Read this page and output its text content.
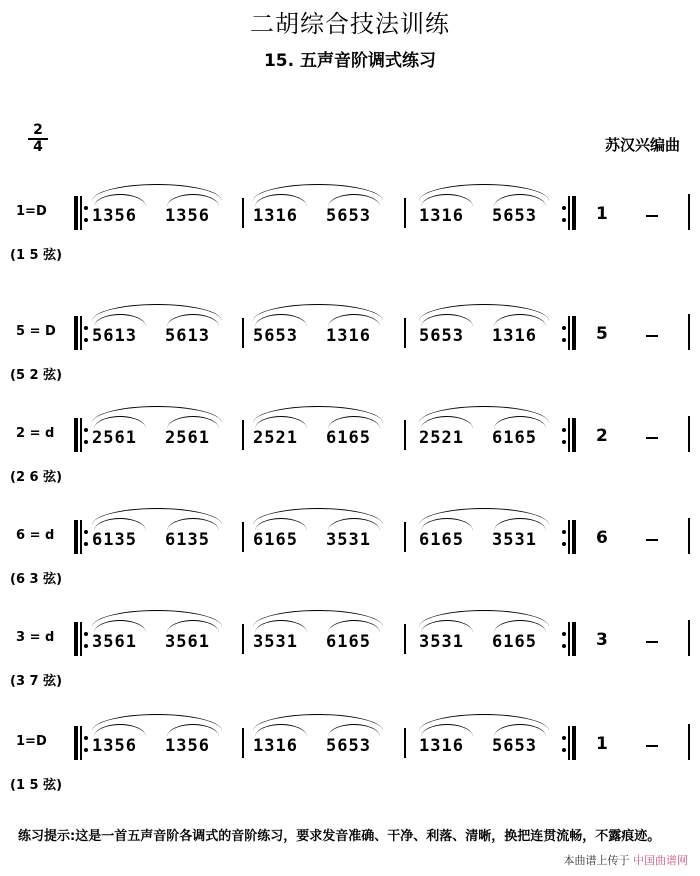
二胡综合技法训练
15. 五声音阶调式练习
苏汉兴编曲
2
4
1=D
(1 5 弦)
1356 1356	1316 5653	1316 5653	1
5 = D
(5 2 弦)
5613 5613	5653 1316	5653 1316	5
2 = d
(2 6 弦)
2561 2561	2521 6165	2521 6165	2
6 = d
(6 3 弦)
6135 6135	6165 3531	6165 3531	6
3 = d
(3 7 弦)
3561 3561	3531 6165	3531 6165	3
1=D
(1 5 弦)
1356 1356	1316 5653	1316 5653	1
练习提示:这是一首五声音阶各调式的音阶练习，要求发音准确、干净、利落、清晰，换把连贯流畅，不露痕迹。
本曲谱上传于 中国曲谱网
